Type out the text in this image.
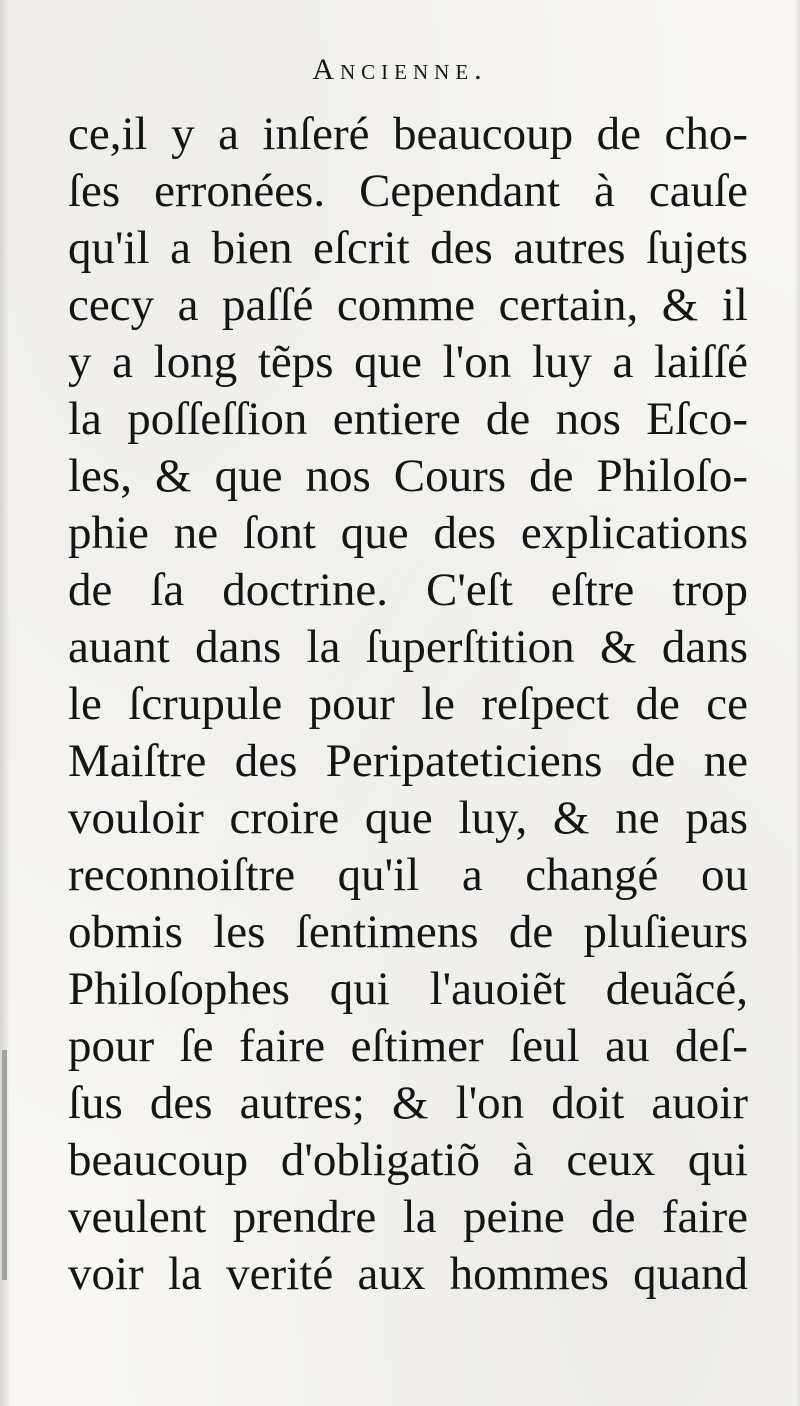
Ancienne.
ce,il y a inſeré beaucoup de cho-
ſes erronées. Cependant à cauſe
qu'il a bien eſcrit des autres ſujets
cecy a paſſé comme certain, & il
y a long tẽps que l'on luy a laiſſé
la poſſeſſion entiere de nos Eſco-
les, & que nos Cours de Philoſo-
phie ne ſont que des explications
de ſa doctrine. C'eſt eſtre trop
auant dans la ſuperſtition & dans
le ſcrupule pour le reſpect de ce
Maiſtre des Peripateticiens de ne
vouloir croire que luy, & ne pas
reconnoiſtre qu'il a changé ou
obmis les ſentimens de pluſieurs
Philoſophes qui l'auoiẽt deuãcé,
pour ſe faire eſtimer ſeul au deſ-
ſus des autres; & l'on doit auoir
beaucoup d'obligatiõ à ceux qui
veulent prendre la peine de faire
voir la verité aux hommes quand
